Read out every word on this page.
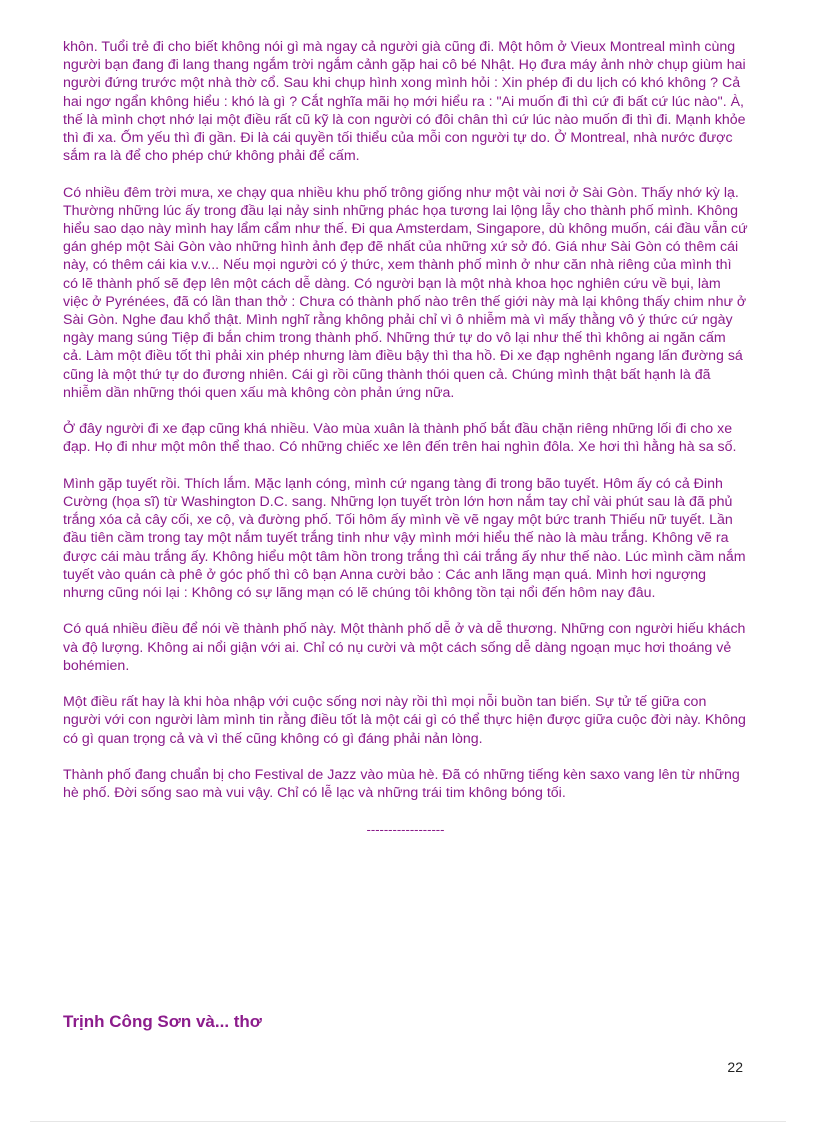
khôn. Tuổi trẻ đi cho biết không nói gì mà ngay cả người già cũng đi. Một hôm ở Vieux Montreal mình cùng người bạn đang đi lang thang ngắm trời ngắm cảnh gặp hai cô bé Nhật. Họ đưa máy ảnh nhờ chụp giùm hai người đứng trước một nhà thờ cổ. Sau khi chụp hình xong mình hỏi : Xin phép đi du lịch có khó không ? Cả hai ngơ ngẩn không hiểu : khó là gì ? Cắt nghĩa mãi họ mới hiểu ra : "Ai muốn đi thì cứ đi bất cứ lúc nào". À, thế là mình chợt nhớ lại một điều rất cũ kỹ là con người có đôi chân thì cứ lúc nào muốn đi thì đi. Mạnh khỏe thì đi xa. Ốm yếu thì đi gần. Đi là cái quyền tối thiểu của mỗi con người tự do. Ở Montreal, nhà nước được sắm ra là để cho phép chứ không phải để cấm.

Có nhiều đêm trời mưa, xe chạy qua nhiều khu phố trông giống như một vài nơi ở Sài Gòn. Thấy nhớ kỳ lạ. Thường những lúc ấy trong đầu lại nảy sinh những phác họa tương lai lộng lẫy cho thành phố mình. Không hiểu sao dạo này mình hay lẩm cẩm như thế. Đi qua Amsterdam, Singapore, dù không muốn, cái đầu vẫn cứ gán ghép một Sài Gòn vào những hình ảnh đẹp đẽ nhất của những xứ sở đó. Giá như Sài Gòn có thêm cái này, có thêm cái kia v.v... Nếu mọi người có ý thức, xem thành phố mình ở như căn nhà riêng của mình thì có lẽ thành phố sẽ đẹp lên một cách dễ dàng. Có người bạn là một nhà khoa học nghiên cứu về bụi, làm việc ở Pyrénées, đã có lần than thở : Chưa có thành phố nào trên thế giới này mà lại không thấy chim như ở Sài Gòn. Nghe đau khổ thật. Mình nghĩ rằng không phải chỉ vì ô nhiễm mà vì mấy thằng vô ý thức cứ ngày ngày mang súng Tiệp đi bắn chim trong thành phố. Những thứ tự do vô lại như thế thì không ai ngăn cấm cả. Làm một điều tốt thì phải xin phép nhưng làm điều bậy thì tha hồ. Đi xe đạp nghênh ngang lấn đường sá cũng là một thứ tự do đương nhiên. Cái gì rồi cũng thành thói quen cả. Chúng mình thật bất hạnh là đã nhiễm dần những thói quen xấu mà không còn phản ứng nữa.

Ở đây người đi xe đạp cũng khá nhiều. Vào mùa xuân là thành phố bắt đầu chặn riêng những lối đi cho xe đạp. Họ đi như một môn thể thao. Có những chiếc xe lên đến trên hai nghìn đôla. Xe hơi thì hằng hà sa số.

Mình gặp tuyết rồi. Thích lắm. Mặc lạnh cóng, mình cứ ngang tàng đi trong bão tuyết. Hôm ấy có cả Đinh Cường (họa sĩ) từ Washington D.C. sang. Những lọn tuyết tròn lớn hơn nắm tay chỉ vài phút sau là đã phủ trắng xóa cả cây cối, xe cộ, và đường phố. Tối hôm ấy mình về vẽ ngay một bức tranh Thiếu nữ tuyết. Lần đầu tiên cầm trong tay một nắm tuyết trắng tinh như vậy mình mới hiểu thế nào là màu trắng. Không vẽ ra được cái màu trắng ấy. Không hiểu một tâm hồn trong trắng thì cái trắng ấy như thế nào. Lúc mình cầm nắm tuyết vào quán cà phê ở góc phố thì cô bạn Anna cười bảo : Các anh lãng mạn quá. Mình hơi ngượng nhưng cũng nói lại : Không có sự lãng mạn có lẽ chúng tôi không tồn tại nổi đến hôm nay đâu.

Có quá nhiều điều để nói về thành phố này. Một thành phố dễ ở và dễ thương. Những con người hiếu khách và độ lượng. Không ai nổi giận với ai. Chỉ có nụ cười và một cách sống dễ dàng ngoạn mục hơi thoáng vẻ bohémien.

Một điều rất hay là khi hòa nhập với cuộc sống nơi này rồi thì mọi nỗi buồn tan biến. Sự tử tế giữa con người với con người làm mình tin rằng điều tốt là một cái gì có thể thực hiện được giữa cuộc đời này. Không có gì quan trọng cả và vì thế cũng không có gì đáng phải nản lòng.

Thành phố đang chuẩn bị cho Festival de Jazz vào mùa hè. Đã có những tiếng kèn saxo vang lên từ những hè phố. Đời sống sao mà vui vậy. Chỉ có lễ lạc và những trái tim không bóng tối.

------------------

Trịnh Công Sơn và... thơ
22
